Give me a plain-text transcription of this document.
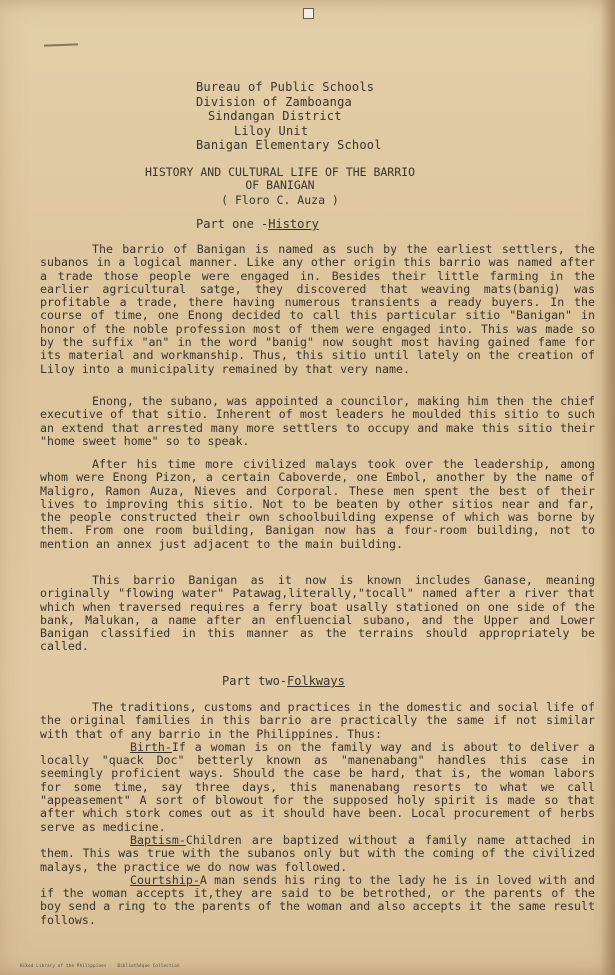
Bureau of Public Schools
Division of Zamboanga
Sindangan District
Liloy Unit
Banigan Elementary School
HISTORY AND CULTURAL LIFE OF THE BARRIO
OF BANIGAN
( Floro C. Auza )
Part one -History

The barrio of Banigan is named as such by the earliest settlers, the subanos in a logical manner. Like any other origin this barrio was named after a trade those people were engaged in. Besides their little farming in the earlier agricultural satge, they discovered that weaving mats(banig) was profitable a trade, there having numerous transients a ready buyers. In the course of time, one Enong decided to call this particular sitio "Banigan" in honor of the noble profession most of them were engaged into. This was made so by the suffix "an" in the word "banig" now sought most having gained fame for its material and workmanship. Thus, this sitio until lately on the creation of Liloy into a municipality remained by that very name.

Enong, the subano, was appointed a councilor, making him then the chief executive of that sitio. Inherent of most leaders he moulded this sitio to such an extend that arrested many more settlers to occupy and make this sitio their "home sweet home" so to speak.

After his time more civilized malays took over the leadership, among whom were Enong Pizon, a certain Caboverde, one Embol, another by the name of Maligro, Ramon Auza, Nieves and Corporal. These men spent the best of their lives to improving this sitio. Not to be beaten by other sitios near and far, the people constructed their own schoolbuilding expense of which was borne by them. From one room building, Banigan now has a four-room building, not to mention an annex just adjacent to the main building.

This barrio Banigan as it now is known includes Ganase, meaning originally "flowing water" Patawag,literally,"tocall" named after a river that which when traversed requires a ferry boat usally stationed on one side of the bank, Malukan, a name after an enfluencial subano, and the Upper and Lower Banigan classified in this manner as the terrains should appropriately be called.

Part two-Folkways

The traditions, customs and practices in the domestic and social life of the original families in this barrio are practically the same if not similar with that of any barrio in the Philippines. Thus:

Birth-If a woman is on the family way and is about to deliver a locally "quack Doc" betterly known as "manenabang" handles this case in seemingly proficient ways. Should the case be hard, that is, the woman labors for some time, say three days, this manenabang resorts to what we call "appeasement" A sort of blowout for the supposed holy spirit is made so that after which stork comes out as it should have been. Local procurement of herbs serve as medicine.

Baptism-Children are baptized without a family name attached in them. This was true with the subanos only but with the coming of the civilized malays, the practice we do now was followed.

Courtship-A man sends his ring to the lady he is in loved with and if the woman accepts it,they are said to be betrothed, or the parents of the boy send a ring to the parents of the woman and also accepts it the same result follows.

Hiked Library of the Philippines	Bibliothèque Collection
